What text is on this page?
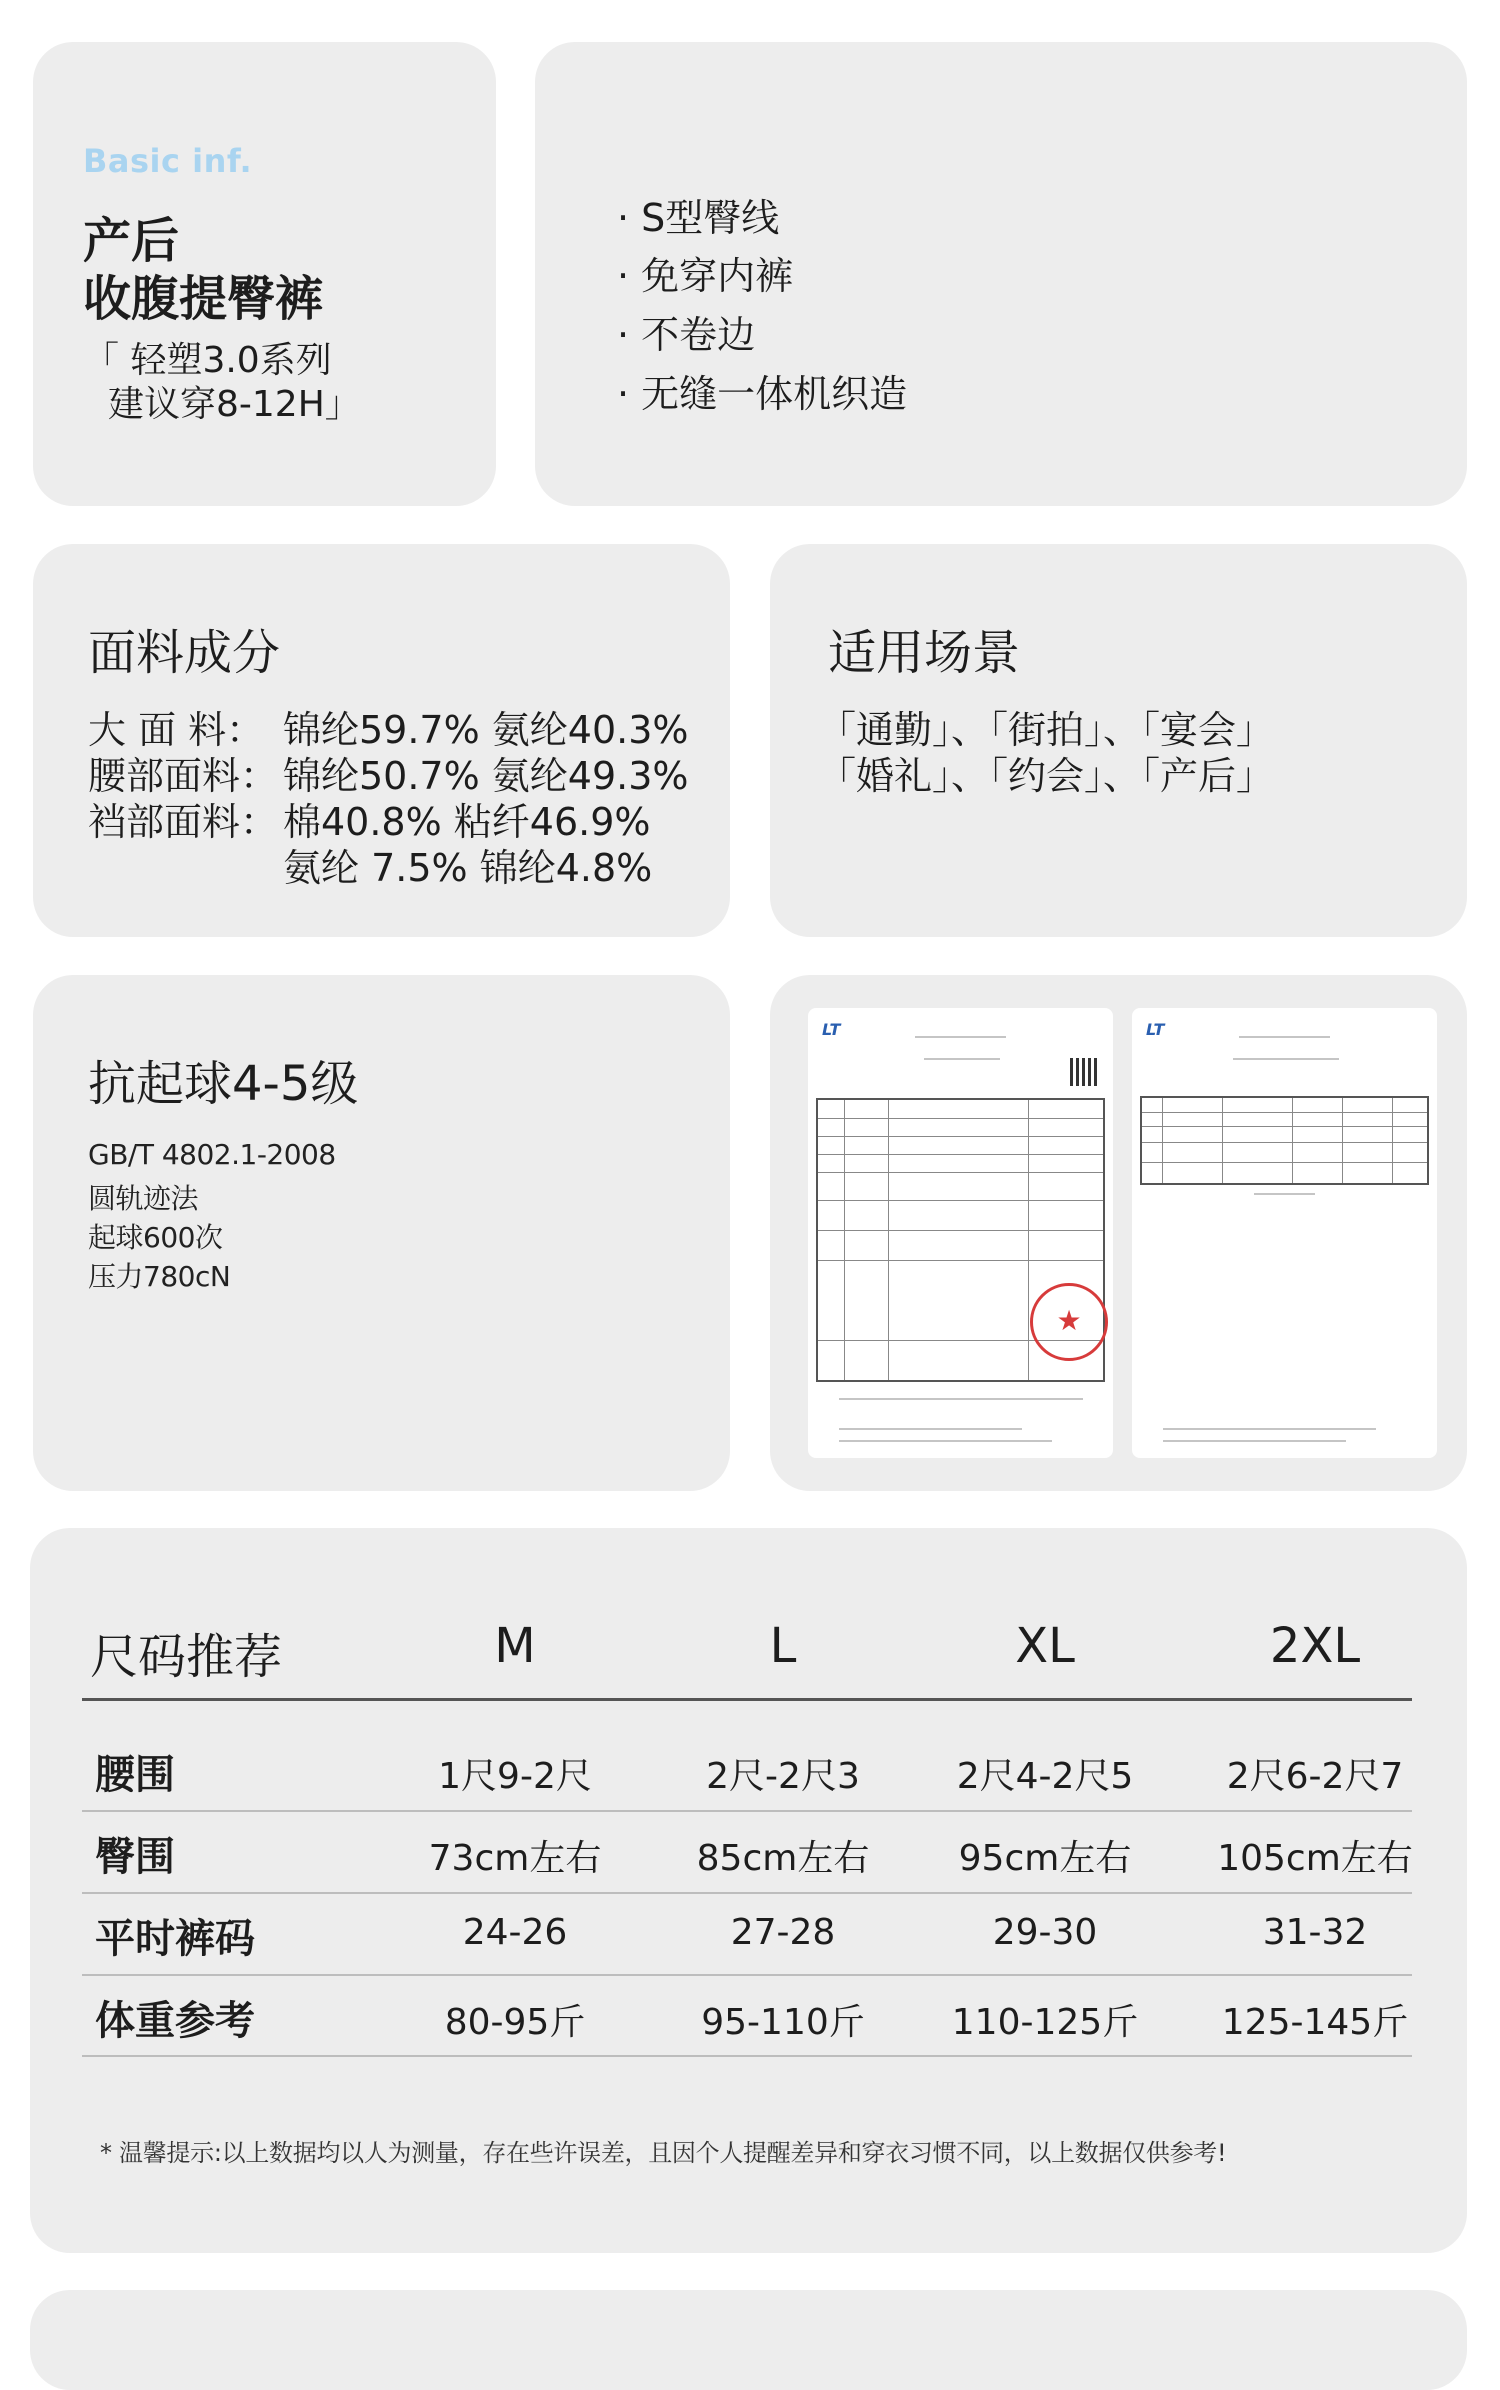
Basic inf.
产后
收腹提臀裤
「 轻塑3.0系列
建议穿8-12H」
· S型臀线
· 免穿内裤
· 不卷边
· 无缝一体机织造
面料成分
大 面 料： 锦纶59.7% 氨纶40.3%
腰部面料： 锦纶50.7% 氨纶49.3%
裆部面料： 棉40.8% 粘纤46.9%
氨纶 7.5% 锦纶4.8%
适用场景
「通勤」、「街拍」、「宴会」
「婚礼」、「约会」、「产后」
抗起球4-5级
GB/T 4802.1-2008
圆轨迹法
起球600次
压力780cN
LT
★
LT
尺码推荐	M	L	XL	2XL
腰围	1尺9-2尺	2尺-2尺3	2尺4-2尺5	2尺6-2尺7
臀围	73cm左右	85cm左右	95cm左右	105cm左右
平时裤码	24-26	27-28	29-30	31-32
体重参考	80-95斤	95-110斤	110-125斤	125-145斤
* 温馨提示:以上数据均以人为测量，存在些许误差，且因个人提醒差异和穿衣习惯不同，以上数据仅供参考!
